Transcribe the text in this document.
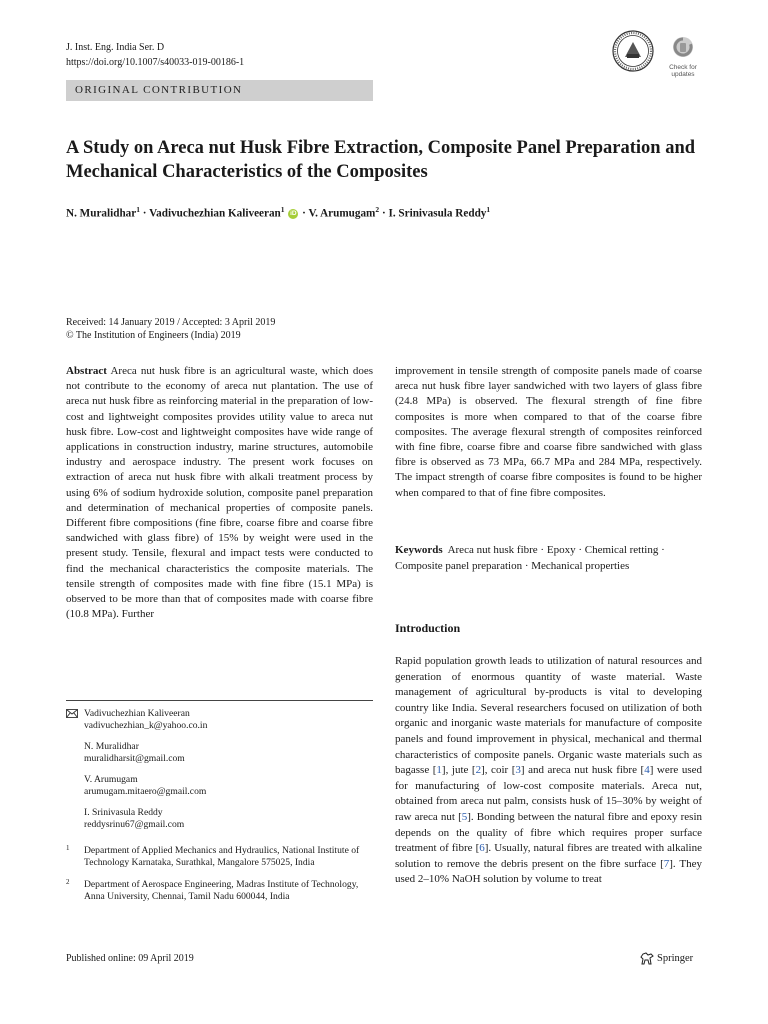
J. Inst. Eng. India Ser. D
https://doi.org/10.1007/s40033-019-00186-1	Check for
updates
ORIGINAL CONTRIBUTION
A Study on Areca nut Husk Fibre Extraction, Composite Panel Preparation and Mechanical Characteristics of the Composites
N. Muralidhar$^1$ · Vadivuchezhian Kaliveeran$^1$ iD · V. Arumugam$^2$ · I. Srinivasula Reddy$^1$
Received: 14 January 2019 / Accepted: 3 April 2019
© The Institution of Engineers (India) 2019
Abstract Areca nut husk fibre is an agricultural waste, which does not contribute to the economy of areca nut plantation. The use of areca nut husk fibre as reinforcing material in the preparation of low-cost and lightweight composites provides utility value to areca nut husk fibre. Low-cost and lightweight composites have wide range of applications in construction industry, marine structures, automobile industry and aerospace industry. The present work focuses on extraction of areca nut husk fibre with alkali treatment process by using 6% of sodium hydroxide solution, composite panel preparation and determination of mechanical properties of composite panels. Different fibre compositions (fine fibre, coarse fibre and coarse fibre sandwiched with glass fibre) of 15% by weight were used in the present study. Tensile, flexural and impact tests were conducted to find the mechanical characteristics the composite materials. The tensile strength of composites made with fine fibre (15.1 MPa) is observed to be more than that of composites made with coarse fibre (10.8 MPa). Further
improvement in tensile strength of composite panels made of coarse areca nut husk fibre layer sandwiched with two layers of glass fibre (24.8 MPa) is observed. The flexural strength of fine fibre composites is more when compared to that of the coarse fibre composites. The average flexural strength of composites reinforced with fine fibre, coarse fibre and coarse fibre sandwiched with glass fibre is observed as 73 MPa, 66.7 MPa and 284 MPa, respectively. The impact strength of coarse fibre composites is found to be higher when compared to that of fine fibre composites.
Keywords Areca nut husk fibre · Epoxy · Chemical retting · Composite panel preparation · Mechanical properties
Introduction
Rapid population growth leads to utilization of natural resources and generation of enormous quantity of waste material. Waste management of agricultural by-products is vital to developing country like India. Several researchers focused on utilization of both organic and inorganic waste materials for manufacture of composite panels and found improvement in physical, mechanical and thermal characteristics of composite panels. Organic waste materials such as bagasse [1], jute [2], coir [3] and areca nut husk fibre [4] were used for manufacturing of low-cost composite materials. Areca nut, obtained from areca nut palm, consists husk of 15–30% by weight of raw areca nut [5]. Bonding between the natural fibre and epoxy resin depends on the quality of fibre which requires proper surface treatment of fibre [6]. Usually, natural fibres are treated with alkaline solution to remove the debris present on the fibre surface [7]. They used 2–10% NaOH solution by volume to treat
Vadivuchezhian Kaliveeran
vadivuchezhian_k@yahoo.co.in
N. Muralidhar
muralidharsit@gmail.com
V. Arumugam
arumugam.mitaero@gmail.com
I. Srinivasula Reddy
reddysrinu67@gmail.com
1 Department of Applied Mechanics and Hydraulics, National Institute of Technology Karnataka, Surathkal, Mangalore 575025, India
2 Department of Aerospace Engineering, Madras Institute of Technology, Anna University, Chennai, Tamil Nadu 600044, India
Published online: 09 April 2019	Springer
